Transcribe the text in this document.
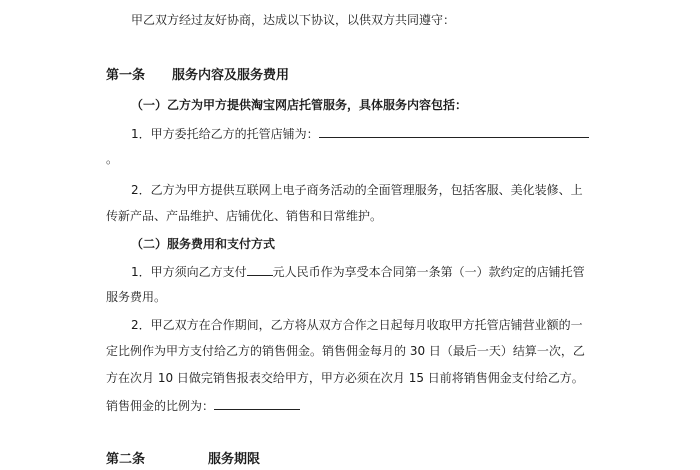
甲乙双方经过友好协商，达成以下协议，以供双方共同遵守：
第一条 服务内容及服务费用
（一）乙方为甲方提供淘宝网店托管服务，具体服务内容包括：
1．甲方委托给乙方的托管店铺为：
。
2．乙方为甲方提供互联网上电子商务活动的全面管理服务，包括客服、美化装修、上
传新产品、产品维护、店铺优化、销售和日常维护。
（二）服务费用和支付方式
1．甲方须向乙方支付 元人民币作为享受本合同第一条第（一）款约定的店铺托管
服务费用。
2．甲乙双方在合作期间，乙方将从双方合作之日起每月收取甲方托管店铺营业额的一
定比例作为甲方支付给乙方的销售佣金。销售佣金每月的 30 日（最后一天）结算一次，乙
方在次月 10 日做完销售报表交给甲方，甲方必须在次月 15 日前将销售佣金支付给乙方。
销售佣金的比例为：
第二条	服务期限
